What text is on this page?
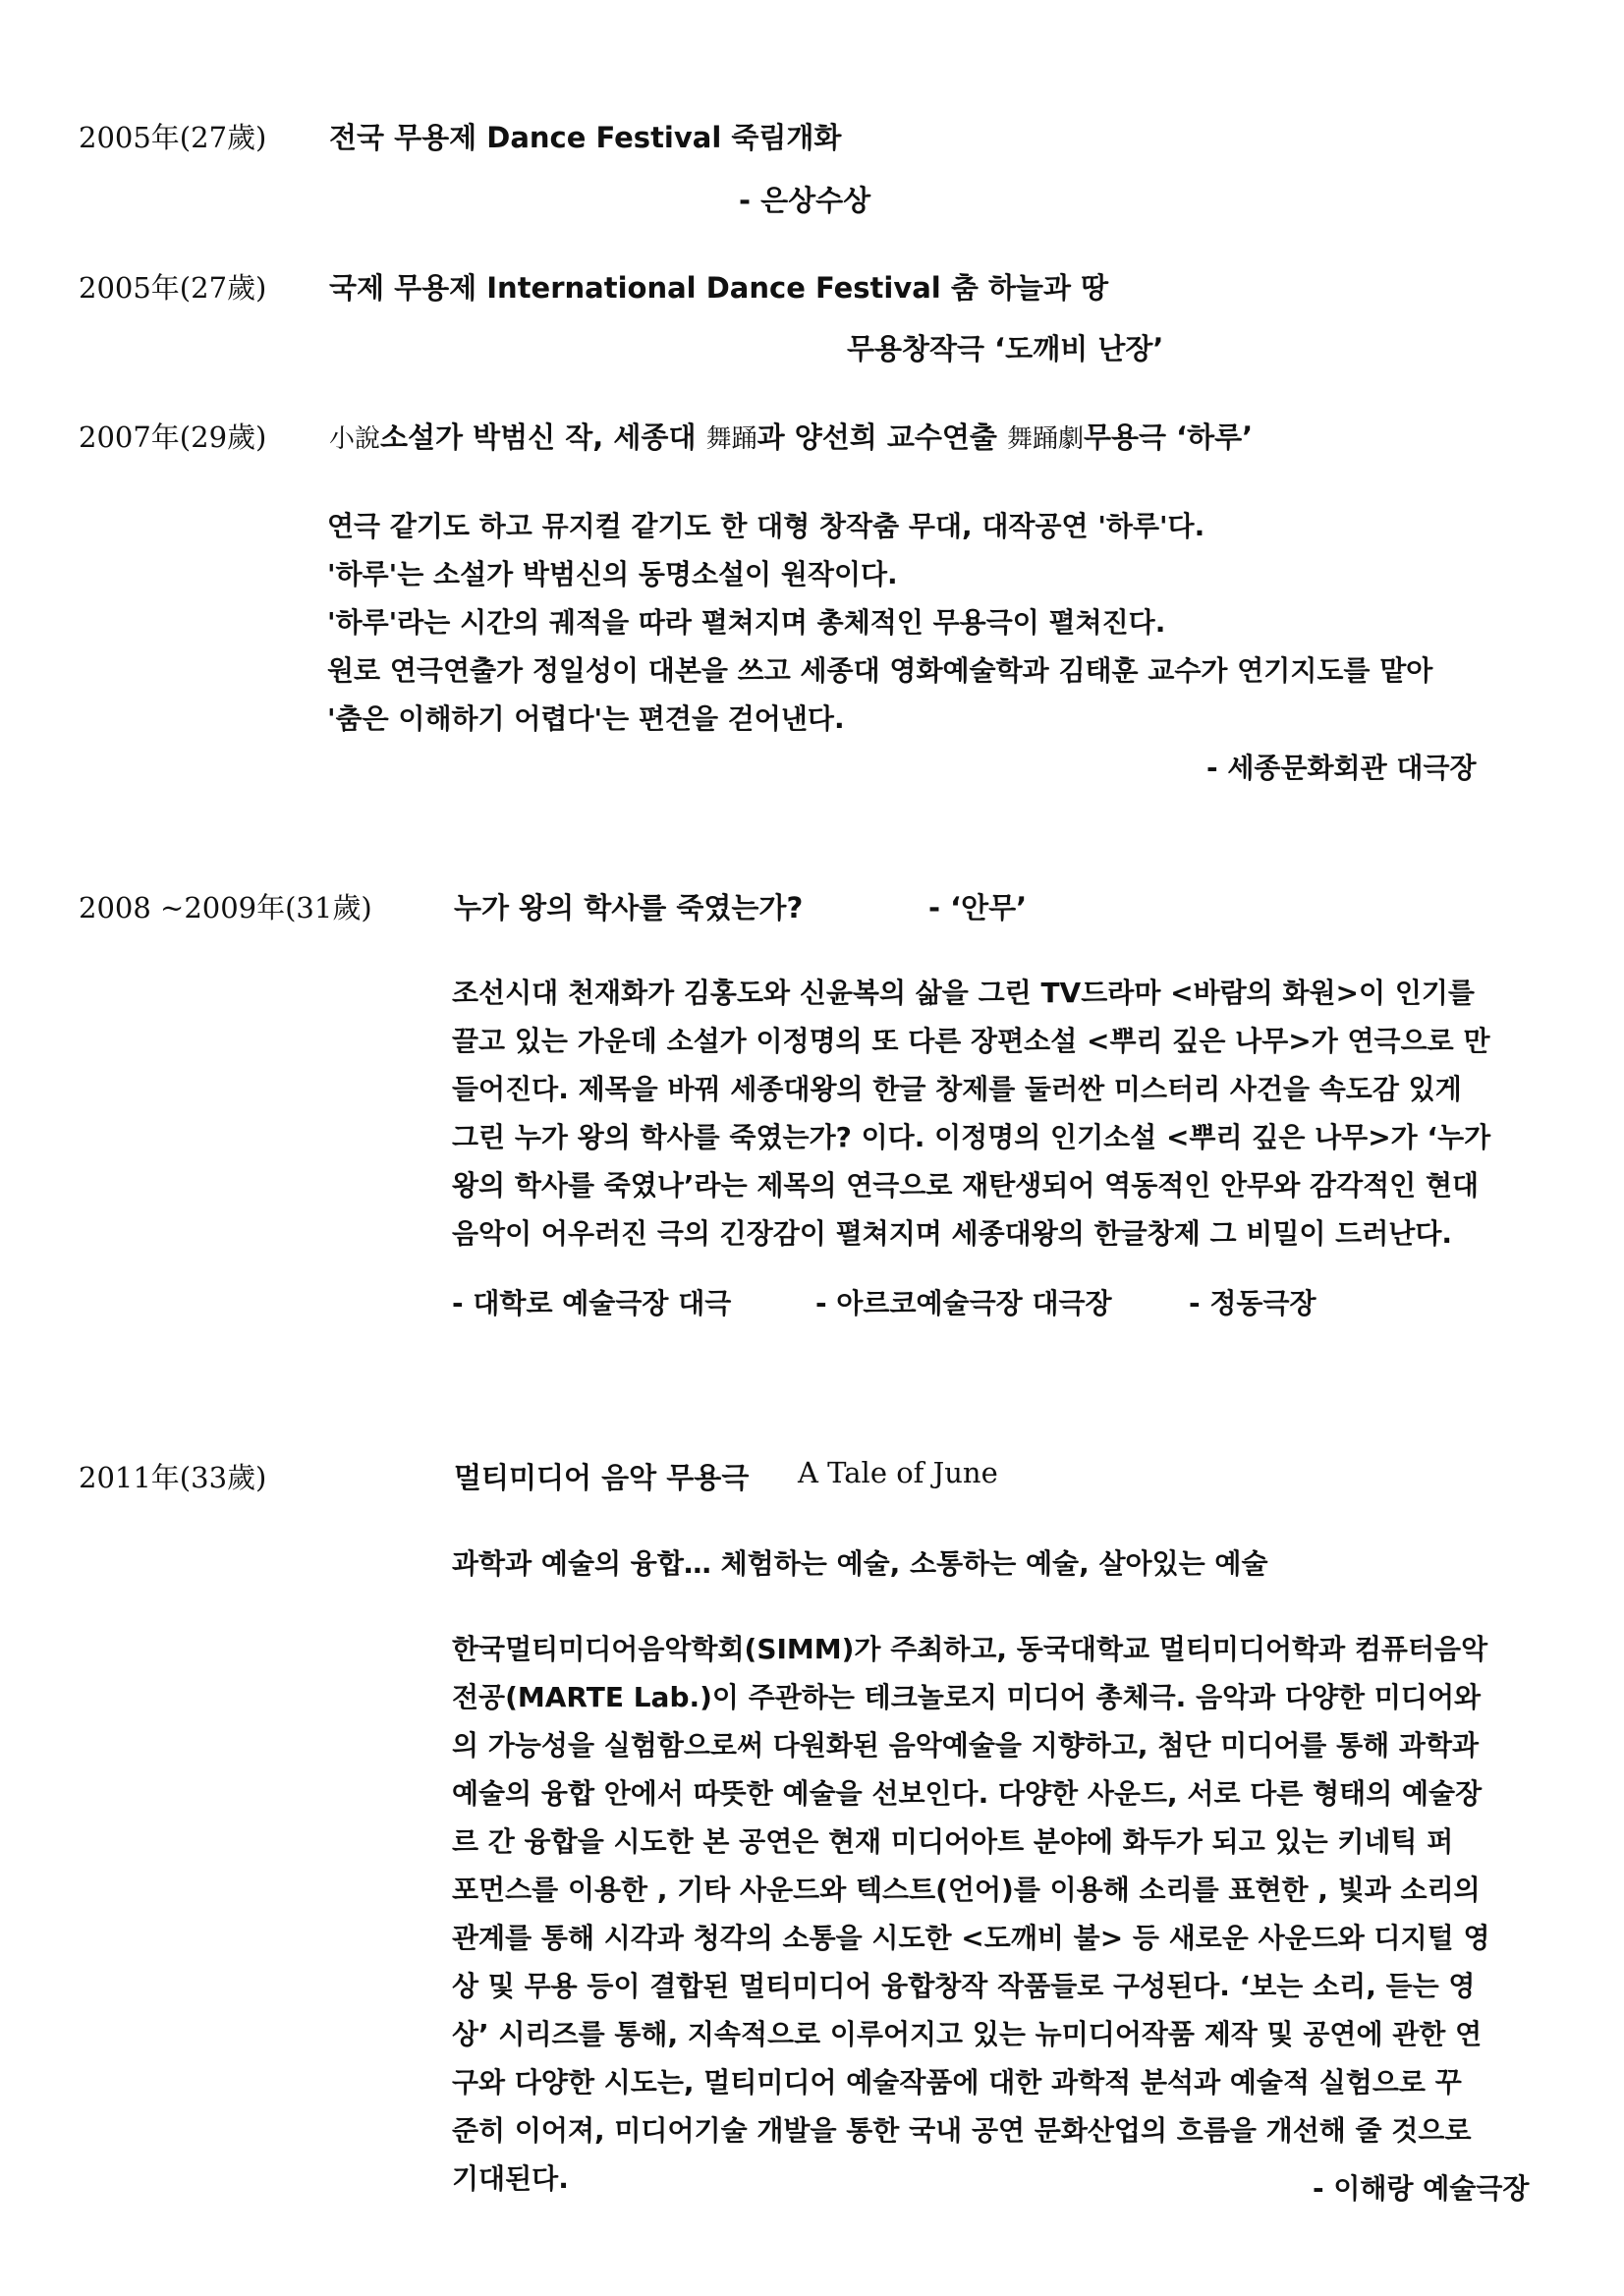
2005年(27歲) 전국 무용제 Dance Festival 죽림개화
- 은상수상
2005年(27歲) 국제 무용제 International Dance Festival 춤 하늘과 땅
무용창작극 ‘도깨비 난장’
2007年(29歲) 小說소설가 박범신 작, 세종대 舞踊과 양선희 교수연출 舞踊劇무용극 ‘하루’
연극 같기도 하고 뮤지컬 같기도 한 대형 창작춤 무대, 대작공연 '하루'다.
'하루'는 소설가 박범신의 동명소설이 원작이다.
'하루'라는 시간의 궤적을 따라 펼쳐지며 총체적인 무용극이 펼쳐진다.
원로 연극연출가 정일성이 대본을 쓰고 세종대 영화예술학과 김태훈 교수가 연기지도를 맡아
'춤은 이해하기 어렵다'는 편견을 걷어낸다.
- 세종문화회관 대극장
2008 ~2009年(31歲)	누가 왕의 학사를 죽였는가?	- ‘안무’
조선시대 천재화가 김홍도와 신윤복의 삶을 그린 TV드라마 <바람의 화원>이 인기를
끌고 있는 가운데 소설가 이정명의 또 다른 장편소설 <뿌리 깊은 나무>가 연극으로 만
들어진다. 제목을 바꿔 세종대왕의 한글 창제를 둘러싼 미스터리 사건을 속도감 있게
그린 누가 왕의 학사를 죽였는가? 이다. 이정명의 인기소설 <뿌리 깊은 나무>가 ‘누가
왕의 학사를 죽였나’라는 제목의 연극으로 재탄생되어 역동적인 안무와 감각적인 현대
음악이 어우러진 극의 긴장감이 펼쳐지며 세종대왕의 한글창제 그 비밀이 드러난다.
- 대학로 예술극장 대극	- 아르코예술극장 대극장	- 정동극장
2011年(33歲)	멀티미디어 음악 무용극 A Tale of June
과학과 예술의 융합… 체험하는 예술, 소통하는 예술, 살아있는 예술
한국멀티미디어음악학회(SIMM)가 주최하고, 동국대학교 멀티미디어학과 컴퓨터음악
전공(MARTE Lab.)이 주관하는 테크놀로지 미디어 총체극. 음악과 다양한 미디어와
의 가능성을 실험함으로써 다원화된 음악예술을 지향하고, 첨단 미디어를 통해 과학과
예술의 융합 안에서 따뜻한 예술을 선보인다. 다양한 사운드, 서로 다른 형태의 예술장
르 간 융합을 시도한 본 공연은 현재 미디어아트 분야에 화두가 되고 있는 키네틱 퍼
포먼스를 이용한 , 기타 사운드와 텍스트(언어)를 이용해 소리를 표현한 , 빛과 소리의
관계를 통해 시각과 청각의 소통을 시도한 <도깨비 불> 등 새로운 사운드와 디지털 영
상 및 무용 등이 결합된 멀티미디어 융합창작 작품들로 구성된다. ‘보는 소리, 듣는 영
상’ 시리즈를 통해, 지속적으로 이루어지고 있는 뉴미디어작품 제작 및 공연에 관한 연
구와 다양한 시도는, 멀티미디어 예술작품에 대한 과학적 분석과 예술적 실험으로 꾸
준히 이어져, 미디어기술 개발을 통한 국내 공연 문화산업의 흐름을 개선해 줄 것으로
기대된다.	- 이해랑 예술극장
